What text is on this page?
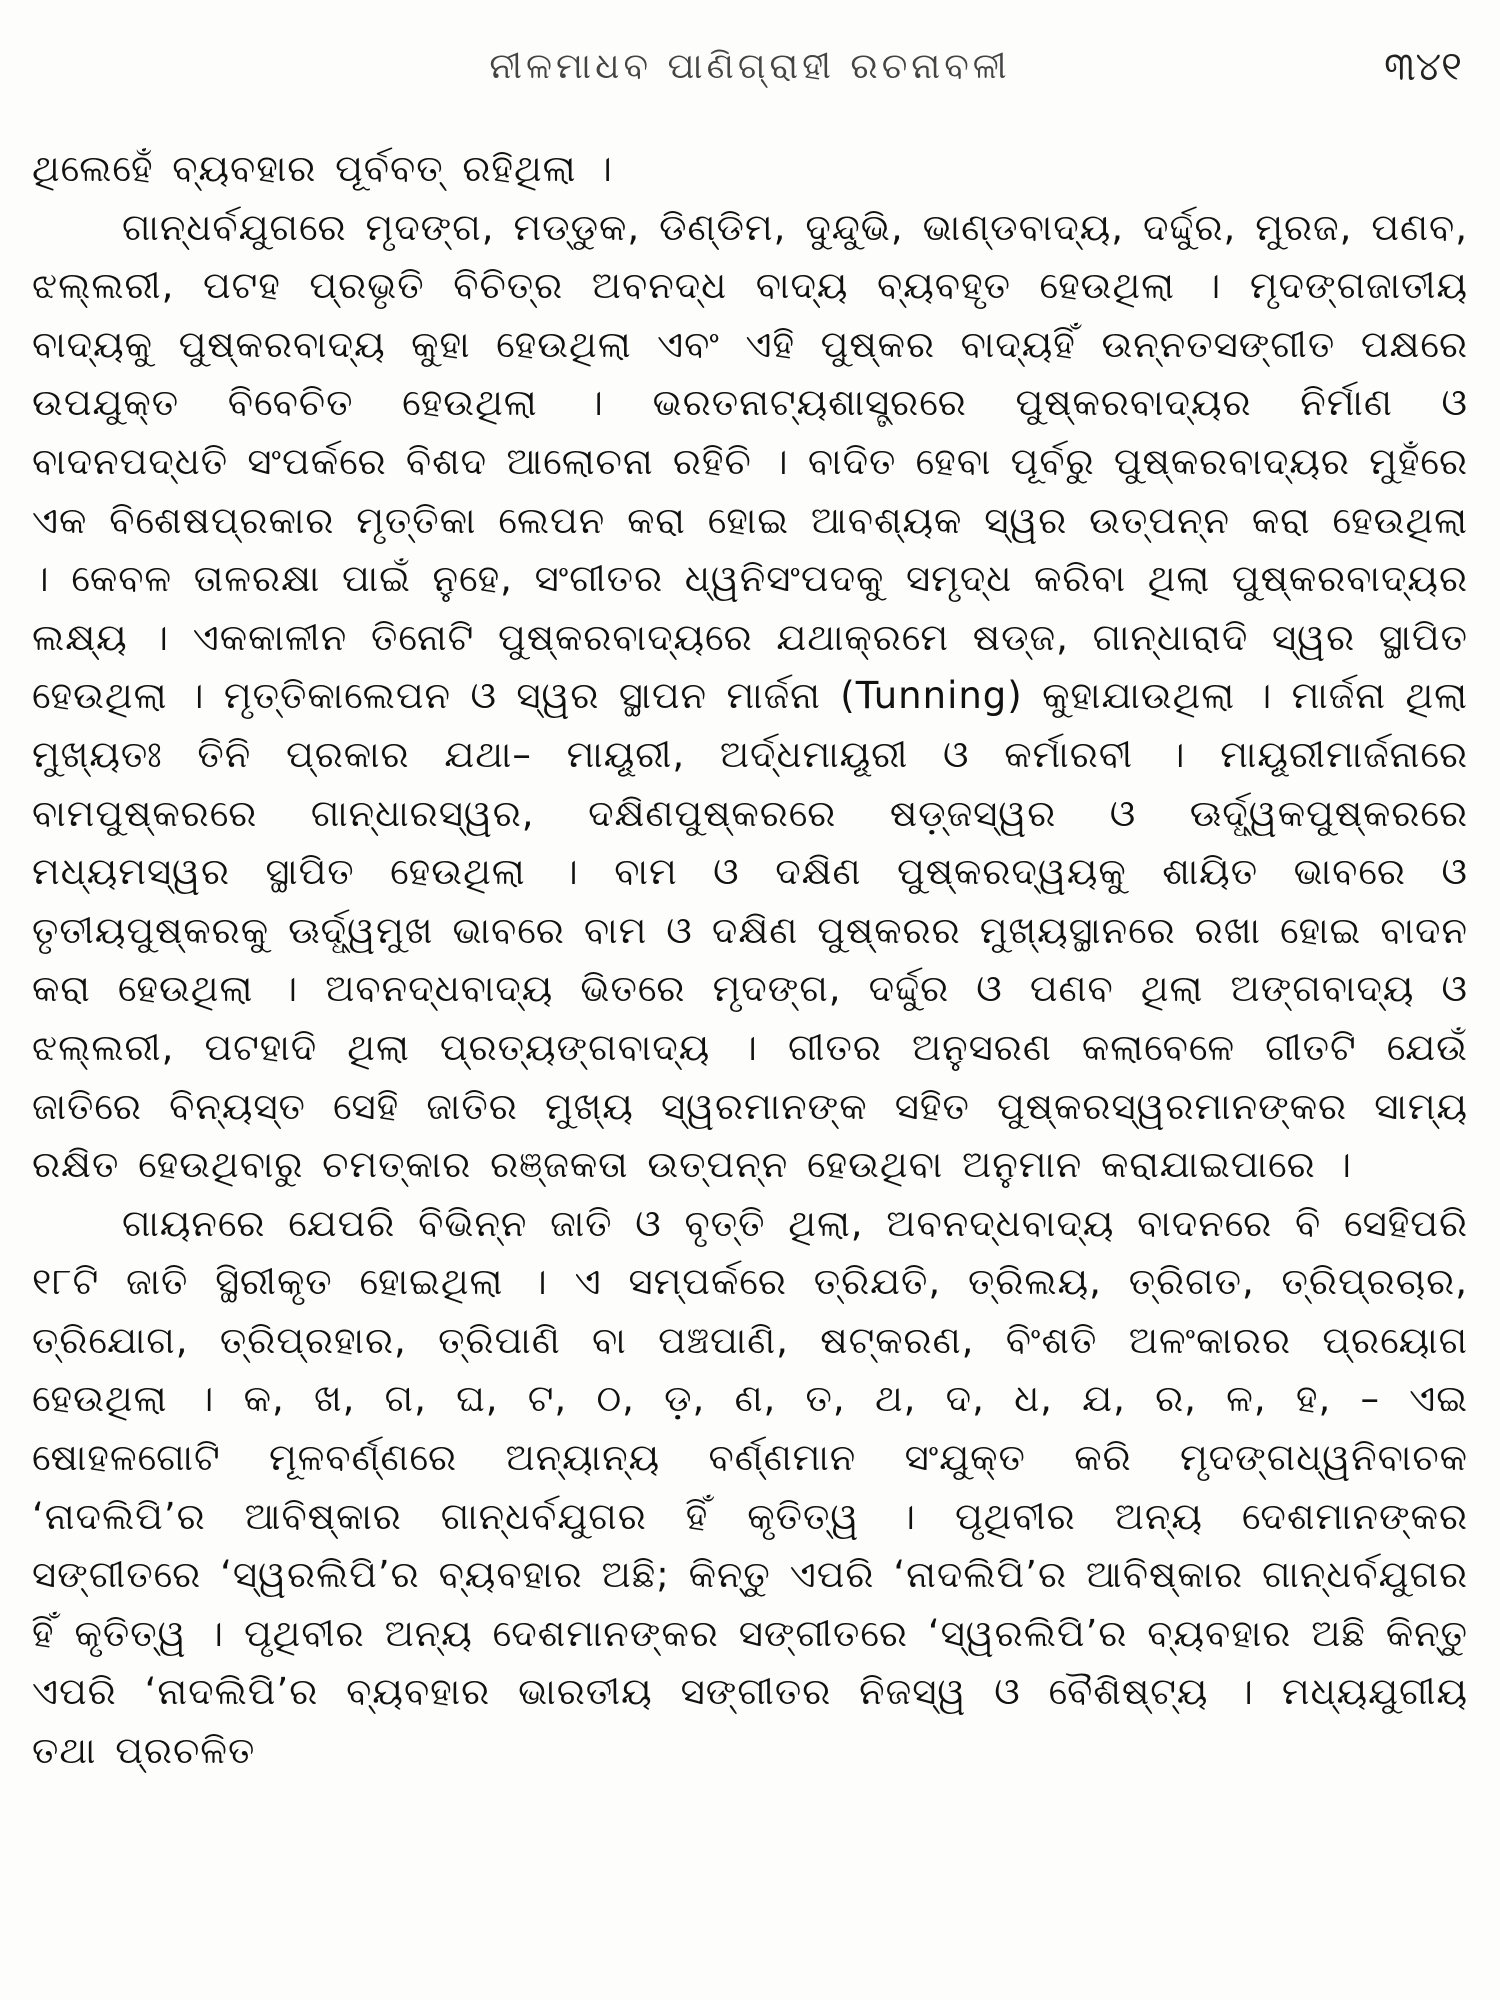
ନୀଳମାଧବ ପାଣିଗ୍ରାହୀ ରଚନାବଳୀ	୩୪୧

ଥିଲେହେଁ ବ୍ୟବହାର ପୂର୍ବବତ୍ ରହିଥିଲା ।

ଗାନ୍ଧର୍ବଯୁଗରେ ମୃଦଙ୍ଗ, ମଡ୍ଡୁକ, ଡିଣ୍ଡିମ, ଦୁନ୍ଦୁଭି, ଭାଣ୍ଡବାଦ୍ୟ, ଦର୍ଦ୍ଦୁର, ମୁରଜ, ପଣବ, ଝଲ୍ଲରୀ, ପଟହ ପ୍ରଭୃତି ବିଚିତ୍ର ଅବନଦ୍ଧ ବାଦ୍ୟ ବ୍ୟବହୃତ ହେଉଥିଲା । ମୃଦଙ୍ଗଜାତୀୟ ବାଦ୍ୟକୁ ପୁଷ୍କରବାଦ୍ୟ କୁହା ହେଉଥିଲା ଏବଂ ଏହି ପୁଷ୍କର ବାଦ୍ୟହିଁ ଉନ୍ନତସଙ୍ଗୀତ ପକ୍ଷରେ ଉପଯୁକ୍ତ ବିବେଚିତ ହେଉଥିଲା । ଭରତନାଟ୍ୟଶାସ୍ତ୍ରରେ ପୁଷ୍କରବାଦ୍ୟର ନିର୍ମାଣ ଓ ବାଦନପଦ୍ଧତି ସଂପର୍କରେ ବିଶଦ ଆଲୋଚନା ରହିଚି । ବାଦିତ ହେବା ପୂର୍ବରୁ ପୁଷ୍କରବାଦ୍ୟର ମୁହଁରେ ଏକ ବିଶେଷପ୍ରକାର ମୃତ୍ତିକା ଲେପନ କରା ହୋଇ ଆବଶ୍ୟକ ସ୍ୱର ଉତ୍ପନ୍ନ କରା ହେଉଥିଲା । କେବଳ ତାଳରକ୍ଷା ପାଇଁ ନୁହେ, ସଂଗୀତର ଧ୍ୱନିସଂପଦକୁ ସମୃଦ୍ଧ କରିବା ଥିଲା ପୁଷ୍କରବାଦ୍ୟର ଲକ୍ଷ୍ୟ । ଏକକାଳୀନ ତିନୋଟି ପୁଷ୍କରବାଦ୍ୟରେ ଯଥାକ୍ରମେ ଷଡ୍ଜ, ଗାନ୍ଧାରାଦି ସ୍ୱର ସ୍ଥାପିତ ହେଉଥିଲା । ମୃତ୍ତିକାଲେପନ ଓ ସ୍ୱର ସ୍ଥାପନ ମାର୍ଜନା (Tunning) କୁହାଯାଉଥିଲା । ମାର୍ଜନା ଥିଲା ମୁଖ୍ୟତଃ ତିନି ପ୍ରକାର ଯଥା– ମାୟୂରୀ, ଅର୍ଦ୍ଧମାୟୂରୀ ଓ କର୍ମାରବୀ । ମାୟୂରୀମାର୍ଜନାରେ ବାମପୁଷ୍କରରେ ଗାନ୍ଧାରସ୍ୱର, ଦକ୍ଷିଣପୁଷ୍କରରେ ଷଡ଼୍ଜସ୍ୱର ଓ ଊର୍ଦ୍ଧ୍ୱକପୁଷ୍କରରେ ମଧ୍ୟମସ୍ୱର ସ୍ଥାପିତ ହେଉଥିଲା । ବାମ ଓ ଦକ୍ଷିଣ ପୁଷ୍କରଦ୍ୱୟକୁ ଶାୟିତ ଭାବରେ ଓ ତୃତୀୟପୁଷ୍କରକୁ ଊର୍ଦ୍ଧ୍ୱମୁଖ ଭାବରେ ବାମ ଓ ଦକ୍ଷିଣ ପୁଷ୍କରର ମୁଖ୍ୟସ୍ଥାନରେ ରଖା ହୋଇ ବାଦନ କରା ହେଉଥିଲା । ଅବନଦ୍ଧବାଦ୍ୟ ଭିତରେ ମୃଦଙ୍ଗ, ଦର୍ଦ୍ଦୁର ଓ ପଣବ ଥିଲା ଅଙ୍ଗବାଦ୍ୟ ଓ ଝଲ୍ଲରୀ, ପଟହାଦି ଥିଲା ପ୍ରତ୍ୟଙ୍ଗବାଦ୍ୟ । ଗୀତର ଅନୁସରଣ କଲାବେଳେ ଗୀତଟି ଯେଉଁ ଜାତିରେ ବିନ୍ୟସ୍ତ ସେହି ଜାତିର ମୁଖ୍ୟ ସ୍ୱରମାନଙ୍କ ସହିତ ପୁଷ୍କରସ୍ୱରମାନଙ୍କର ସାମ୍ୟ ରକ୍ଷିତ ହେଉଥିବାରୁ ଚମତ୍କାର ରଞ୍ଜକତା ଉତ୍ପନ୍ନ ହେଉଥିବା ଅନୁମାନ କରାଯାଇପାରେ ।

ଗାୟନରେ ଯେପରି ବିଭିନ୍ନ ଜାତି ଓ ବୃତ୍ତି ଥିଲା, ଅବନଦ୍ଧବାଦ୍ୟ ବାଦନରେ ବି ସେହିପରି ୧୮ଟି ଜାତି ସ୍ଥିରୀକୃତ ହୋଇଥିଲା । ଏ ସମ୍ପର୍କରେ ତ୍ରିଯତି, ତ୍ରିଲୟ, ତ୍ରିଗତ, ତ୍ରିପ୍ରଚାର, ତ୍ରିଯୋଗ, ତ୍ରିପ୍ରହାର, ତ୍ରିପାଣି ବା ପଞ୍ଚପାଣି, ଷଟ୍କରଣ, ବିଂଶତି ଅଳଂକାରର ପ୍ରୟୋଗ ହେଉଥିଲା । କ, ଖ, ଗ, ଘ, ଟ, ଠ, ଡ଼, ଣ, ତ, ଥ, ଦ, ଧ, ଯ, ର, ଳ, ହ, – ଏଇ ଷୋହଳଗୋଟି ମୂଳବର୍ଣ୍ଣରେ ଅନ୍ୟାନ୍ୟ ବର୍ଣ୍ଣମାନ ସଂଯୁକ୍ତ କରି ମୃଦଙ୍ଗଧ୍ୱନିବାଚକ ‘ନାଦଲିପି’ର ଆବିଷ୍କାର ଗାନ୍ଧର୍ବଯୁଗର ହିଁ କୃତିତ୍ୱ । ପୃଥିବୀର ଅନ୍ୟ ଦେଶମାନଙ୍କର ସଙ୍ଗୀତରେ ‘ସ୍ୱରଲିପି’ର ବ୍ୟବହାର ଅଛି; କିନ୍ତୁ ଏପରି ‘ନାଦଲିପି’ର ଆବିଷ୍କାର ଗାନ୍ଧର୍ବଯୁଗର ହିଁ କୃତିତ୍ୱ । ପୃଥିବୀର ଅନ୍ୟ ଦେଶମାନଙ୍କର ସଙ୍ଗୀତରେ ‘ସ୍ୱରଲିପି’ର ବ୍ୟବହାର ଅଛି କିନ୍ତୁ ଏପରି ‘ନାଦଲିପି’ର ବ୍ୟବହାର ଭାରତୀୟ ସଙ୍ଗୀତର ନିଜସ୍ୱ ଓ ବୈଶିଷ୍ଟ୍ୟ । ମଧ୍ୟଯୁଗୀୟ ତଥା ପ୍ରଚଳିତ
